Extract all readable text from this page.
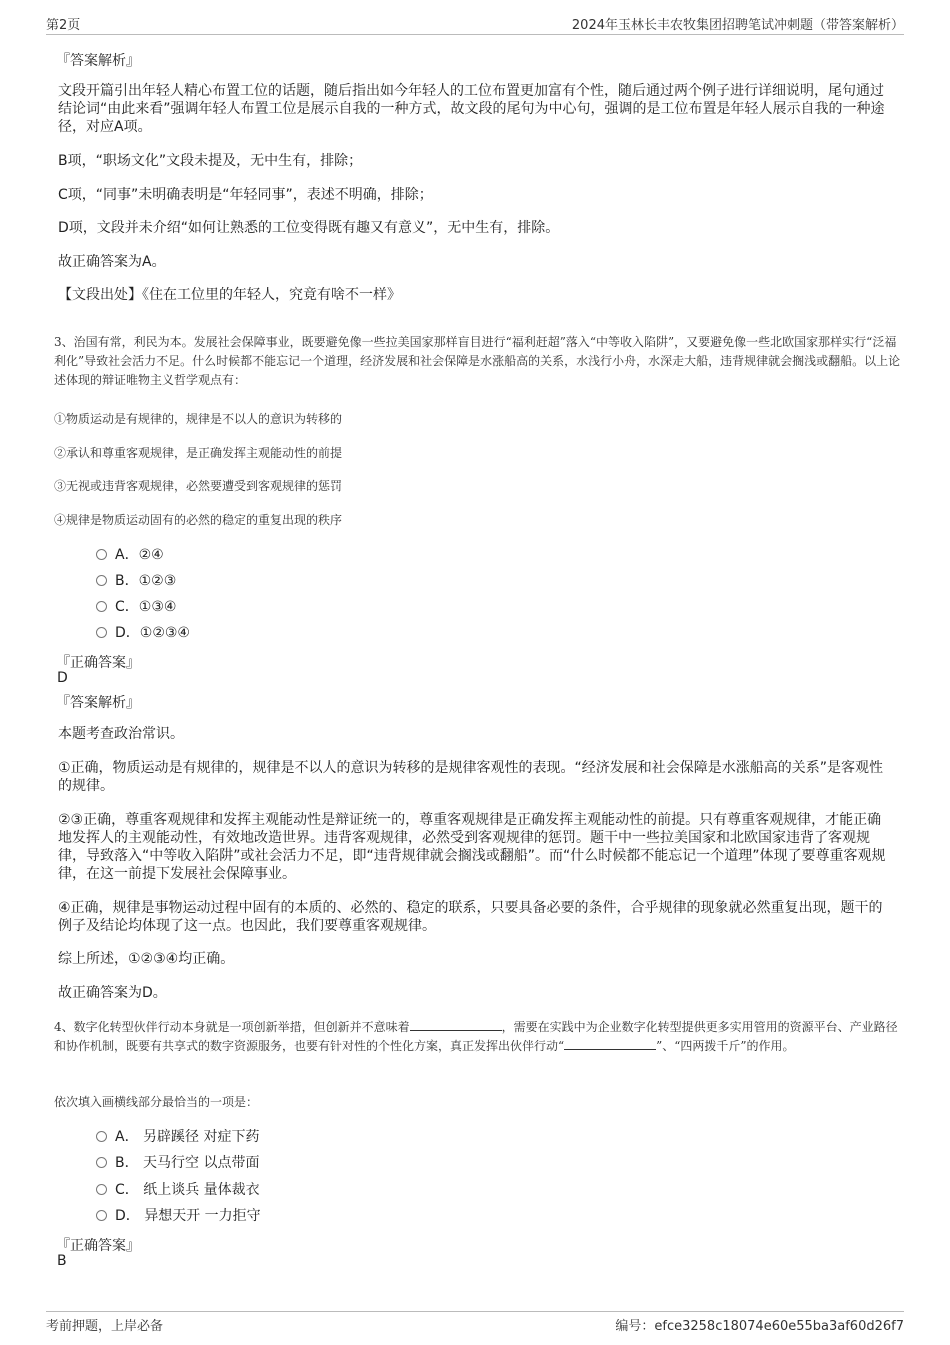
第2页	2024年玉林长丰农牧集团招聘笔试冲刺题（带答案解析）
『答案解析』
文段开篇引出年轻人精心布置工位的话题，随后指出如今年轻人的工位布置更加富有个性，随后通过两个例子进行详细说明，尾句通过结论词“由此来看”强调年轻人布置工位是展示自我的一种方式，故文段的尾句为中心句，强调的是工位布置是年轻人展示自我的一种途径，对应A项。
B项，“职场文化”文段未提及，无中生有，排除；
C项，“同事”未明确表明是“年轻同事”，表述不明确，排除；
D项，文段并未介绍“如何让熟悉的工位变得既有趣又有意义”，无中生有，排除。
故正确答案为A。
【文段出处】《住在工位里的年轻人，究竟有啥不一样》
3、治国有常，利民为本。发展社会保障事业，既要避免像一些拉美国家那样盲目进行“福利赶超”落入“中等收入陷阱”，又要避免像一些北欧国家那样实行“泛福利化”导致社会活力不足。什么时候都不能忘记一个道理，经济发展和社会保障是水涨船高的关系，水浅行小舟，水深走大船，违背规律就会搁浅或翻船。以上论述体现的辩证唯物主义哲学观点有：
①物质运动是有规律的，规律是不以人的意识为转移的
②承认和尊重客观规律，是正确发挥主观能动性的前提
③无视或违背客观规律，必然要遭受到客观规律的惩罚
④规律是物质运动固有的必然的稳定的重复出现的秩序
A．②④
B．①②③
C．①③④
D．①②③④
『正确答案』
D
『答案解析』
本题考查政治常识。
①正确，物质运动是有规律的，规律是不以人的意识为转移的是规律客观性的表现。“经济发展和社会保障是水涨船高的关系”是客观性的规律。
②③正确，尊重客观规律和发挥主观能动性是辩证统一的，尊重客观规律是正确发挥主观能动性的前提。只有尊重客观规律，才能正确地发挥人的主观能动性，有效地改造世界。违背客观规律，必然受到客观规律的惩罚。题干中一些拉美国家和北欧国家违背了客观规律，导致落入“中等收入陷阱”或社会活力不足，即“违背规律就会搁浅或翻船”。而“什么时候都不能忘记一个道理”体现了要尊重客观规律，在这一前提下发展社会保障事业。
④正确，规律是事物运动过程中固有的本质的、必然的、稳定的联系，只要具备必要的条件，合乎规律的现象就必然重复出现，题干的例子及结论均体现了这一点。也因此，我们要尊重客观规律。
综上所述，①②③④均正确。
故正确答案为D。
4、数字化转型伙伴行动本身就是一项创新举措，但创新并不意味着	，需要在实践中为企业数字化转型提供更多实用管用的资源平台、产业路径和协作机制，既要有共享式的数字资源服务，也要有针对性的个性化方案，真正发挥出伙伴行动“	”、“四两拨千斤”的作用。
依次填入画横线部分最恰当的一项是：
A． 另辟蹊径 对症下药
B． 天马行空 以点带面
C． 纸上谈兵 量体裁衣
D． 异想天开 一力拒守
『正确答案』
B
考前押题，上岸必备	编号：efce3258c18074e60e55ba3af60d26f7
